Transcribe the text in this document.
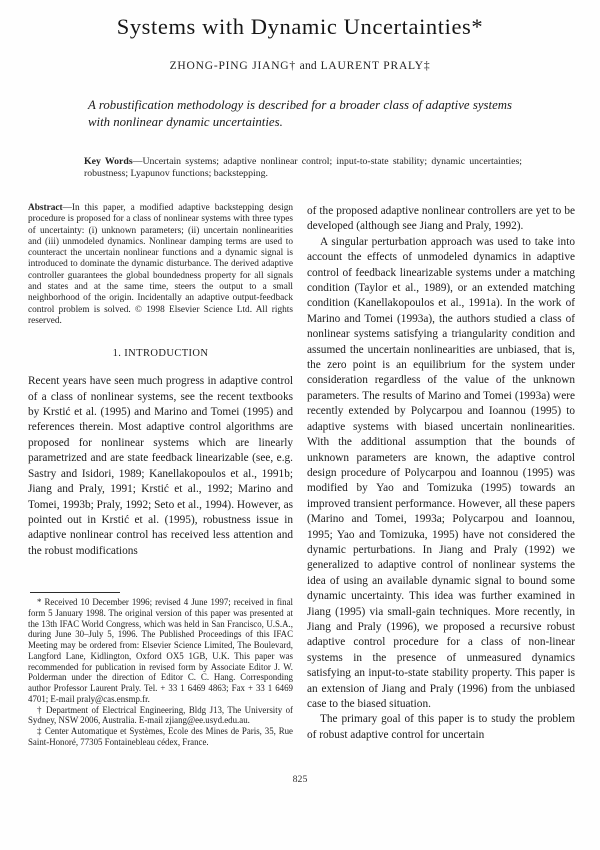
Systems with Dynamic Uncertainties*
ZHONG-PING JIANG† and LAURENT PRALY‡
A robustification methodology is described for a broader class of adaptive systems with nonlinear dynamic uncertainties.
Key Words—Uncertain systems; adaptive nonlinear control; input-to-state stability; dynamic uncertainties; robustness; Lyapunov functions; backstepping.

Abstract—In this paper, a modified adaptive backstepping design procedure is proposed for a class of nonlinear systems with three types of uncertainty: (i) unknown parameters; (ii) uncertain nonlinearities and (iii) unmodeled dynamics. Nonlinear damping terms are used to counteract the uncertain nonlinear functions and a dynamic signal is introduced to dominate the dynamic disturbance. The derived adaptive controller guarantees the global boundedness property for all signals and states and at the same time, steers the output to a small neighborhood of the origin. Incidentally an adaptive output-feedback control problem is solved. © 1998 Elsevier Science Ltd. All rights reserved.

1. INTRODUCTION

Recent years have seen much progress in adaptive control of a class of nonlinear systems, see the recent textbooks by Krstić et al. (1995) and Marino and Tomei (1995) and references therein. Most adaptive control algorithms are proposed for nonlinear systems which are linearly parametrized and are state feedback linearizable (see, e.g. Sastry and Isidori, 1989; Kanellakopoulos et al., 1991b; Jiang and Praly, 1991; Krstić et al., 1992; Marino and Tomei, 1993b; Praly, 1992; Seto et al., 1994). However, as pointed out in Krstić et al. (1995), robustness issue in adaptive nonlinear control has received less attention and the robust modifications

* Received 10 December 1996; revised 4 June 1997; received in final form 5 January 1998. The original version of this paper was presented at the 13th IFAC World Congress, which was held in San Francisco, U.S.A., during June 30–July 5, 1996. The Published Proceedings of this IFAC Meeting may be ordered from: Elsevier Science Limited, The Boulevard, Langford Lane, Kidlington, Oxford OX5 1GB, U.K. This paper was recommended for publication in revised form by Associate Editor J. W. Polderman under the direction of Editor C. C. Hang. Corresponding author Professor Laurent Praly. Tel. + 33 1 6469 4863; Fax + 33 1 6469 4701; E-mail praly@cas.ensmp.fr.

† Department of Electrical Engineering, Bldg J13, The University of Sydney, NSW 2006, Australia. E-mail zjiang@ee.usyd.edu.au.

‡ Center Automatique et Systèmes, Ecole des Mines de Paris, 35, Rue Saint-Honoré, 77305 Fontainebleau cédex, France.

of the proposed adaptive nonlinear controllers are yet to be developed (although see Jiang and Praly, 1992).

A singular perturbation approach was used to take into account the effects of unmodeled dynamics in adaptive control of feedback linearizable systems under a matching condition (Taylor et al., 1989), or an extended matching condition (Kanellakopoulos et al., 1991a). In the work of Marino and Tomei (1993a), the authors studied a class of nonlinear systems satisfying a triangularity condition and assumed the uncertain nonlinearities are unbiased, that is, the zero point is an equilibrium for the system under consideration regardless of the value of the unknown parameters. The results of Marino and Tomei (1993a) were recently extended by Polycarpou and Ioannou (1995) to adaptive systems with biased uncertain nonlinearities. With the additional assumption that the bounds of unknown parameters are known, the adaptive control design procedure of Polycarpou and Ioannou (1995) was modified by Yao and Tomizuka (1995) towards an improved transient performance. However, all these papers (Marino and Tomei, 1993a; Polycarpou and Ioannou, 1995; Yao and Tomizuka, 1995) have not considered the dynamic perturbations. In Jiang and Praly (1992) we generalized to adaptive control of nonlinear systems the idea of using an available dynamic signal to bound some dynamic uncertainty. This idea was further examined in Jiang (1995) via small-gain techniques. More recently, in Jiang and Praly (1996), we proposed a recursive robust adaptive control procedure for a class of non-linear systems in the presence of unmeasured dynamics satisfying an input-to-state stability property. This paper is an extension of Jiang and Praly (1996) from the unbiased case to the biased situation.

The primary goal of this paper is to study the problem of robust adaptive control for uncertain

825
